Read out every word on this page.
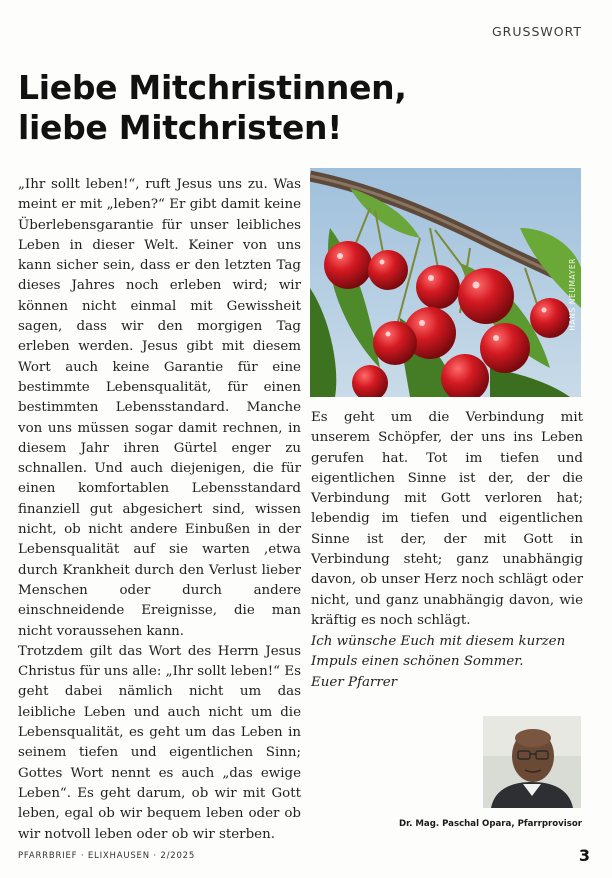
GRUSSWORT
Liebe Mitchristinnen,
liebe Mitchristen!

„Ihr sollt leben!“, ruft Jesus uns zu. Was meint er mit „leben?“ Er gibt damit keine Überlebensgarantie für unser leibliches Leben in dieser Welt. Keiner von uns kann sicher sein, dass er den letzten Tag dieses Jahres noch erleben wird; wir können nicht einmal mit Gewissheit sagen, dass wir den morgigen Tag erleben werden. Jesus gibt mit diesem Wort auch keine Garantie für eine bestimmte Lebensqualität, für einen bestimmten Lebensstandard. Manche von uns müssen sogar damit rechnen, in diesem Jahr ihren Gürtel enger zu schnallen. Und auch diejenigen, die für einen komfortablen Lebensstandard finanziell gut abgesichert sind, wissen nicht, ob nicht andere Einbußen in der Lebensqualität auf sie warten ,etwa durch Krankheit durch den Verlust lieber Menschen oder durch andere einschneidende Ereignisse, die man nicht voraussehen kann.

Trotzdem gilt das Wort des Herrn Jesus Christus für uns alle: „Ihr sollt leben!“ Es geht dabei nämlich nicht um das leibliche Leben und auch nicht um die Lebensqualität, es geht um das Leben in seinem tiefen und eigentlichen Sinn; Gottes Wort nennt es auch „das ewige Leben“. Es geht darum, ob wir mit Gott leben, egal ob wir bequem leben oder ob wir notvoll leben oder ob wir sterben.

HANS NEUMAYER

Es geht um die Verbindung mit unserem Schöpfer, der uns ins Leben gerufen hat. Tot im tiefen und eigentlichen Sinne ist der, der die Verbindung mit Gott verloren hat; lebendig im tiefen und eigentlichen Sinne ist der, der mit Gott in Verbindung steht; ganz unabhängig davon, ob unser Herz noch schlägt oder nicht, und ganz unabhängig davon, wie kräftig es noch schlägt.

Ich wünsche Euch mit diesem kurzen Impuls einen schönen Sommer.

Euer Pfarrer

Dr. Mag. Paschal Opara, Pfarrprovisor
PFARRBRIEF · ELIXHAUSEN · 2/2025	3
